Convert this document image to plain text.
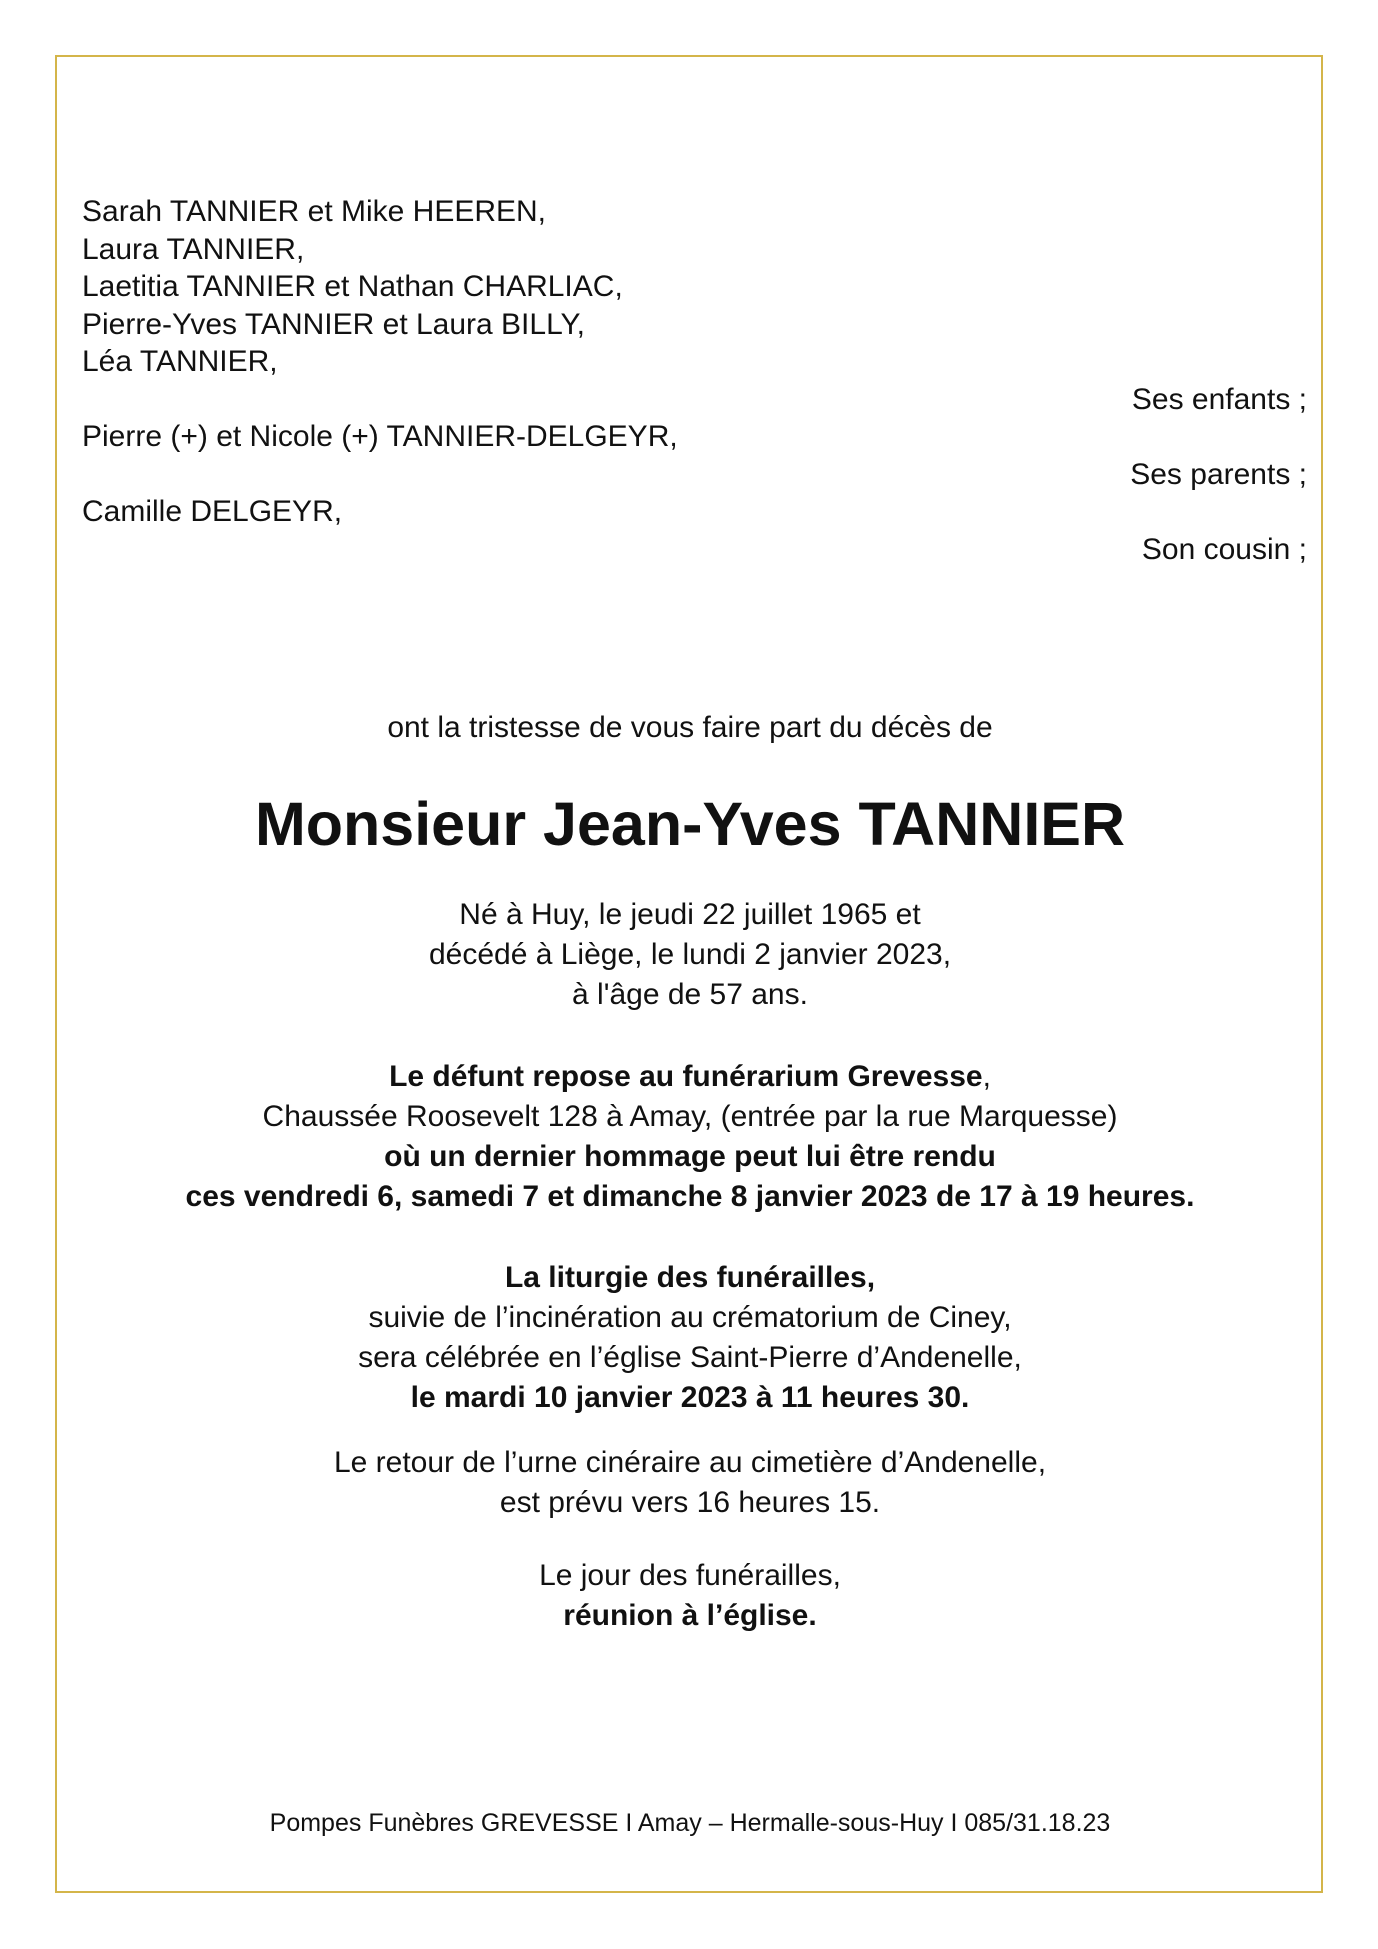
Sarah TANNIER et Mike HEEREN,
Laura TANNIER,
Laetitia TANNIER et Nathan CHARLIAC,
Pierre-Yves TANNIER et Laura BILLY,
Léa TANNIER,
Ses enfants ;
Pierre (+) et Nicole (+) TANNIER-DELGEYR,
Ses parents ;
Camille DELGEYR,
Son cousin ;
ont la tristesse de vous faire part du décès de
Monsieur Jean-Yves TANNIER
Né à Huy, le jeudi 22 juillet 1965 et
décédé à Liège, le lundi 2 janvier 2023,
à l'âge de 57 ans.
Le défunt repose au funérarium Grevesse,
Chaussée Roosevelt 128 à Amay, (entrée par la rue Marquesse)
où un dernier hommage peut lui être rendu
ces vendredi 6, samedi 7 et dimanche 8 janvier 2023 de 17 à 19 heures.
La liturgie des funérailles,
suivie de l’incinération au crématorium de Ciney,
sera célébrée en l’église Saint-Pierre d’Andenelle,
le mardi 10 janvier 2023 à 11 heures 30.
Le retour de l’urne cinéraire au cimetière d’Andenelle,
est prévu vers 16 heures 15.
Le jour des funérailles,
réunion à l’église.
Pompes Funèbres GREVESSE I Amay – Hermalle-sous-Huy I 085/31.18.23
